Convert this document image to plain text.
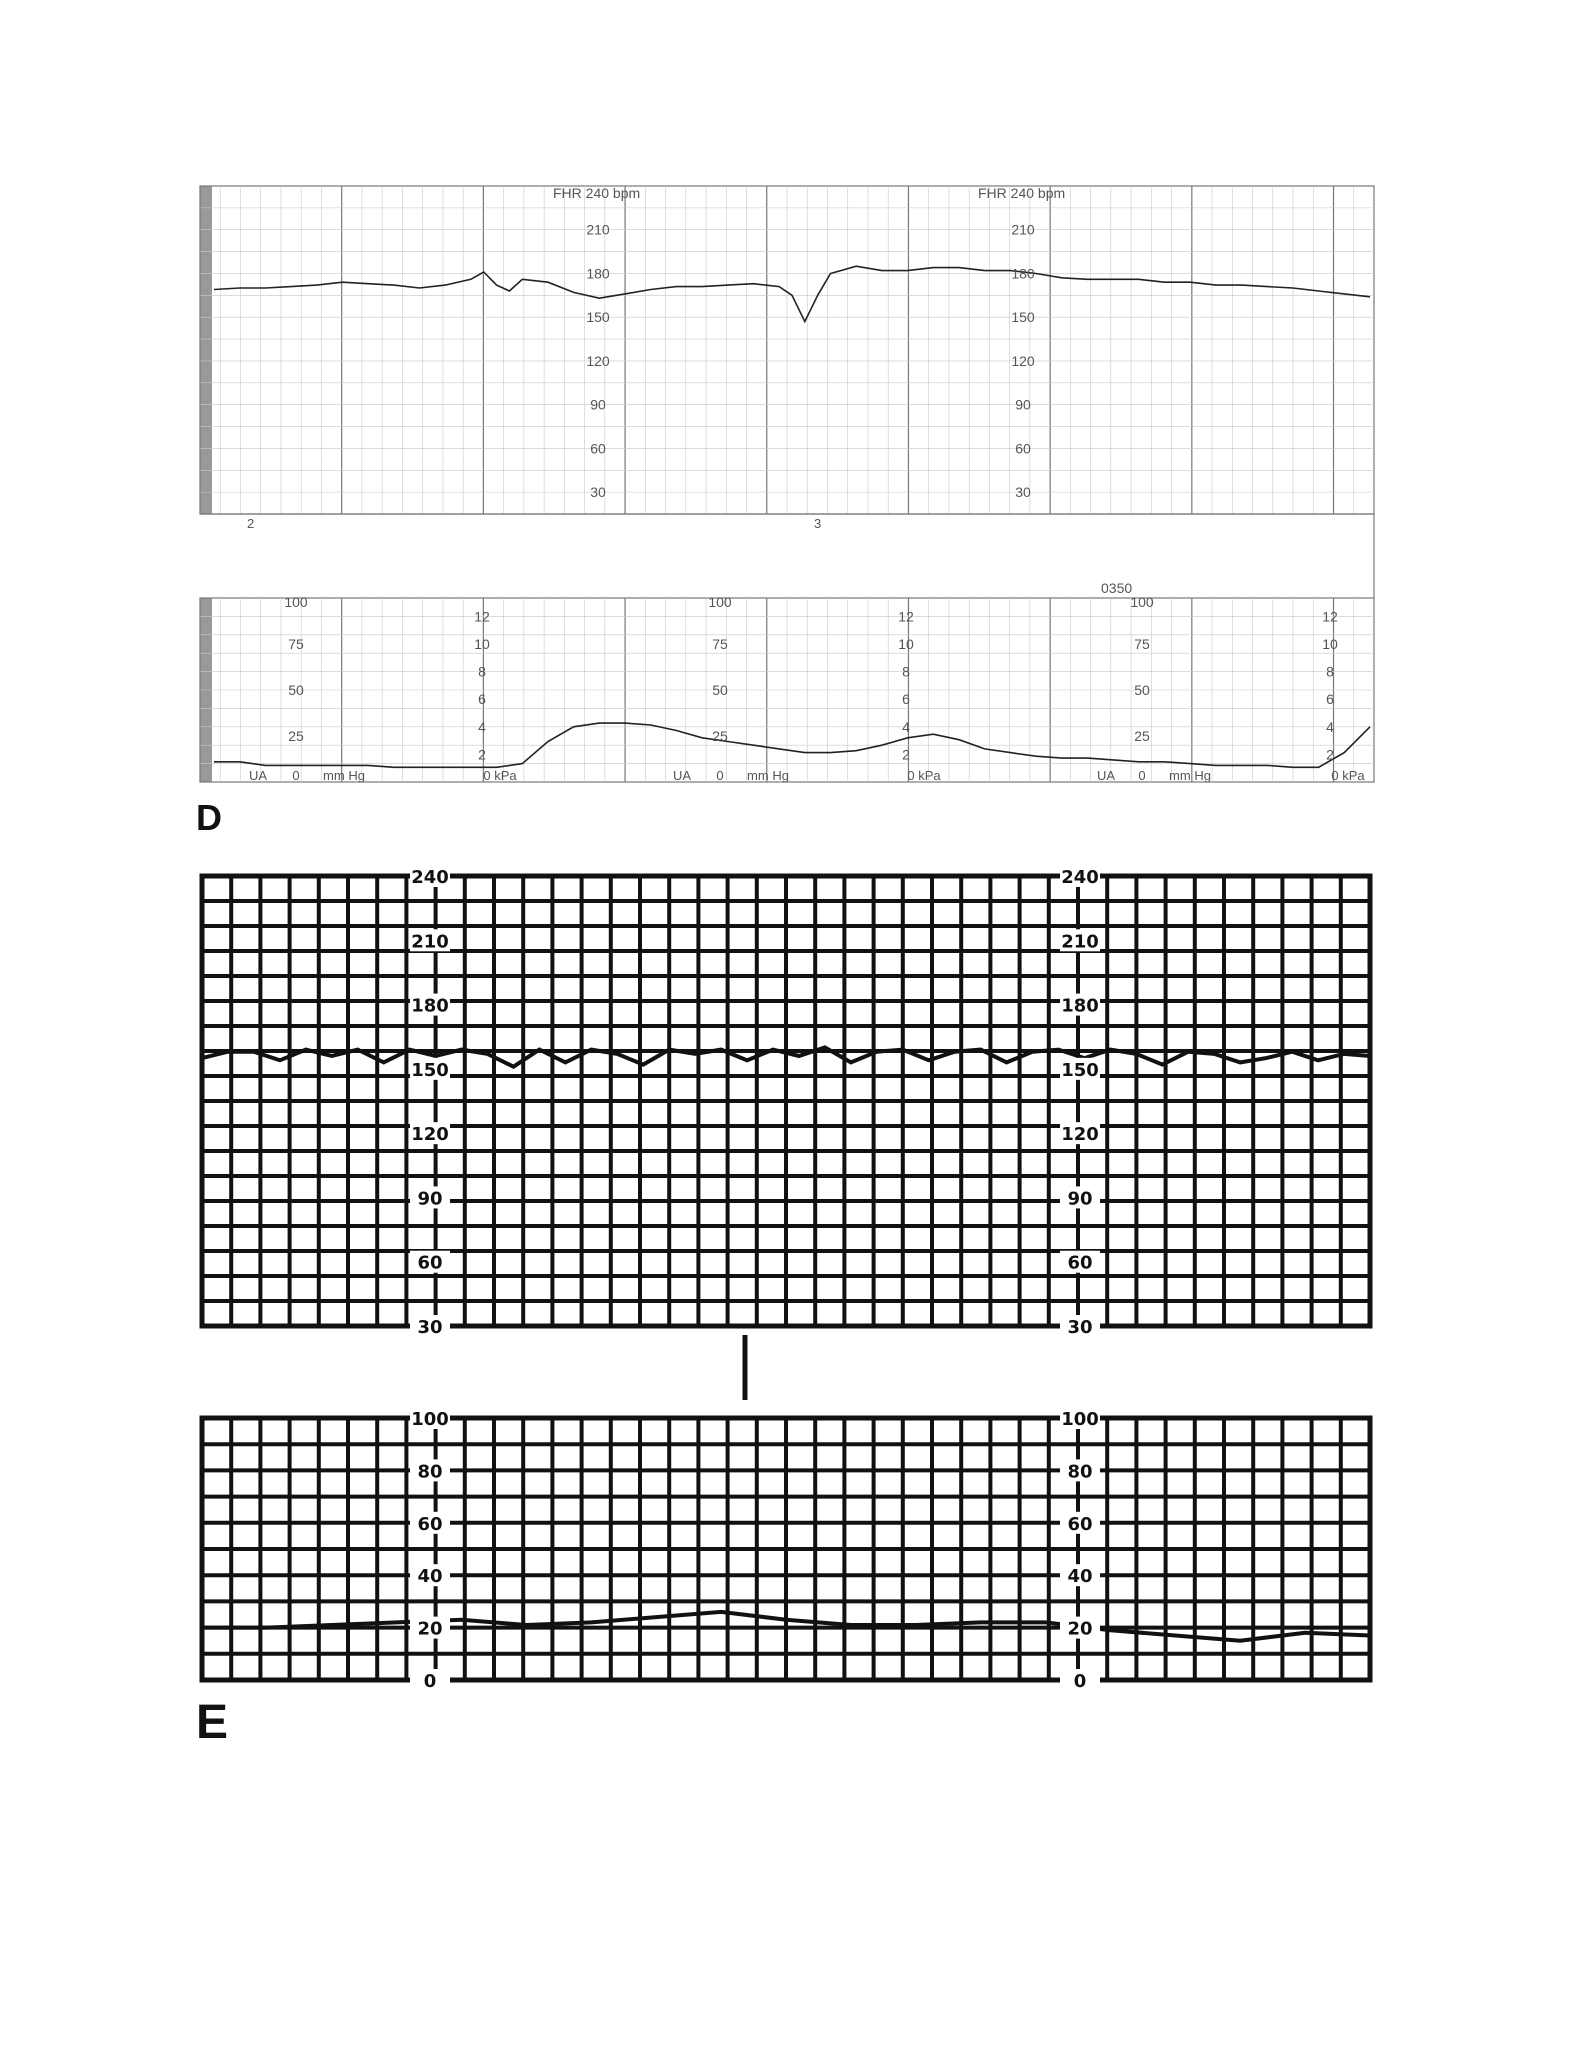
210	210
180	180
150	150
120	120
90	90
60	60
30	30
FHR 240 bpm	FHR 240 bpm
2	3
100	100	100
75	75	75
50	50	50
25	25	25
12	12	12
10	10	10
8	8	8
6	6	6
4	4	4
2	2	2
UA 0 mm Hg	0 kPa	UA 0 mm Hg	0 kPa	UA 0 mm Hg	0 kPa
0350
D
240	240
210	210
180	180
150	150
120	120
90	90
60	60
30	30
100	100
80	80
60	60
40	40
20	20
0	0
E
